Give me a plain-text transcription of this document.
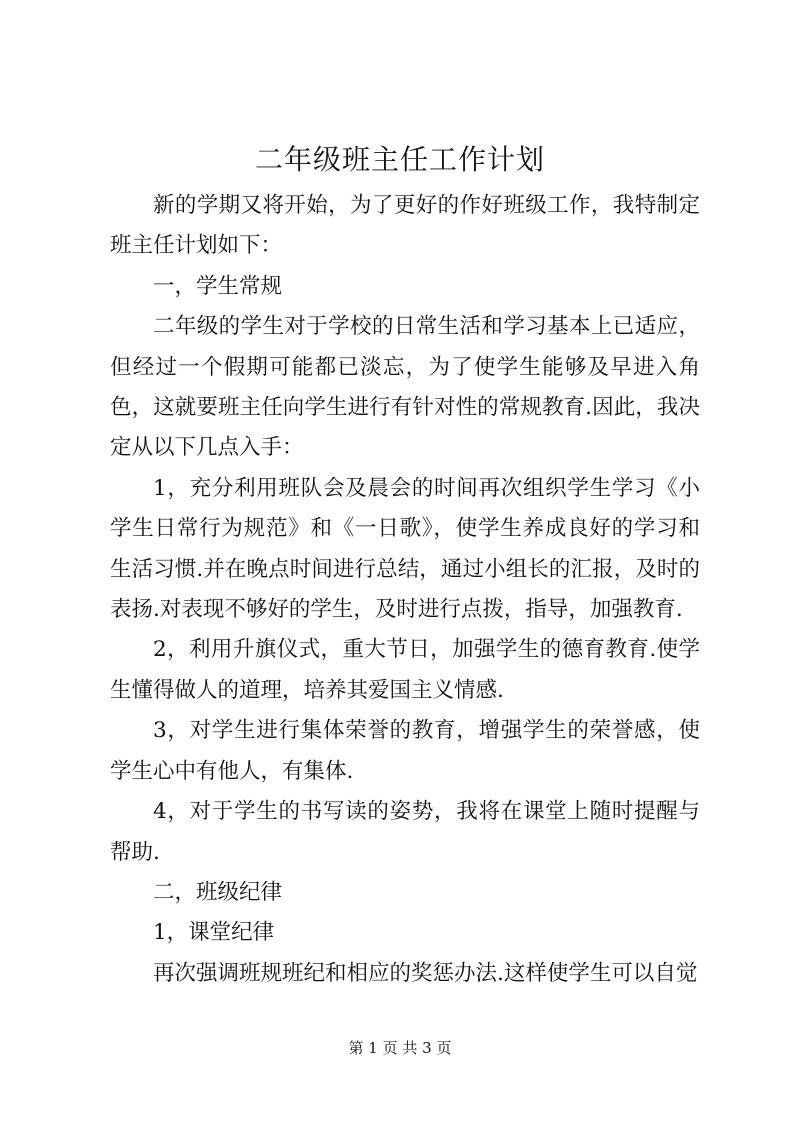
二年级班主任工作计划

新的学期又将开始，为了更好的作好班级工作，我特制定班主任计划如下：

一，学生常规

二年级的学生对于学校的日常生活和学习基本上已适应，但经过一个假期可能都已淡忘，为了使学生能够及早进入角色，这就要班主任向学生进行有针对性的常规教育.因此，我决定从以下几点入手：

1，充分利用班队会及晨会的时间再次组织学生学习《小学生日常行为规范》和《一日歌》，使学生养成良好的学习和生活习惯.并在晚点时间进行总结，通过小组长的汇报，及时的表扬.对表现不够好的学生，及时进行点拨，指导，加强教育.

2，利用升旗仪式，重大节日，加强学生的德育教育.使学生懂得做人的道理，培养其爱国主义情感.

3，对学生进行集体荣誉的教育，增强学生的荣誉感，使学生心中有他人，有集体.

4，对于学生的书写读的姿势，我将在课堂上随时提醒与帮助.

二，班级纪律

1，课堂纪律

再次强调班规班纪和相应的奖惩办法.这样使学生可以自觉

第 1 页 共 3 页
